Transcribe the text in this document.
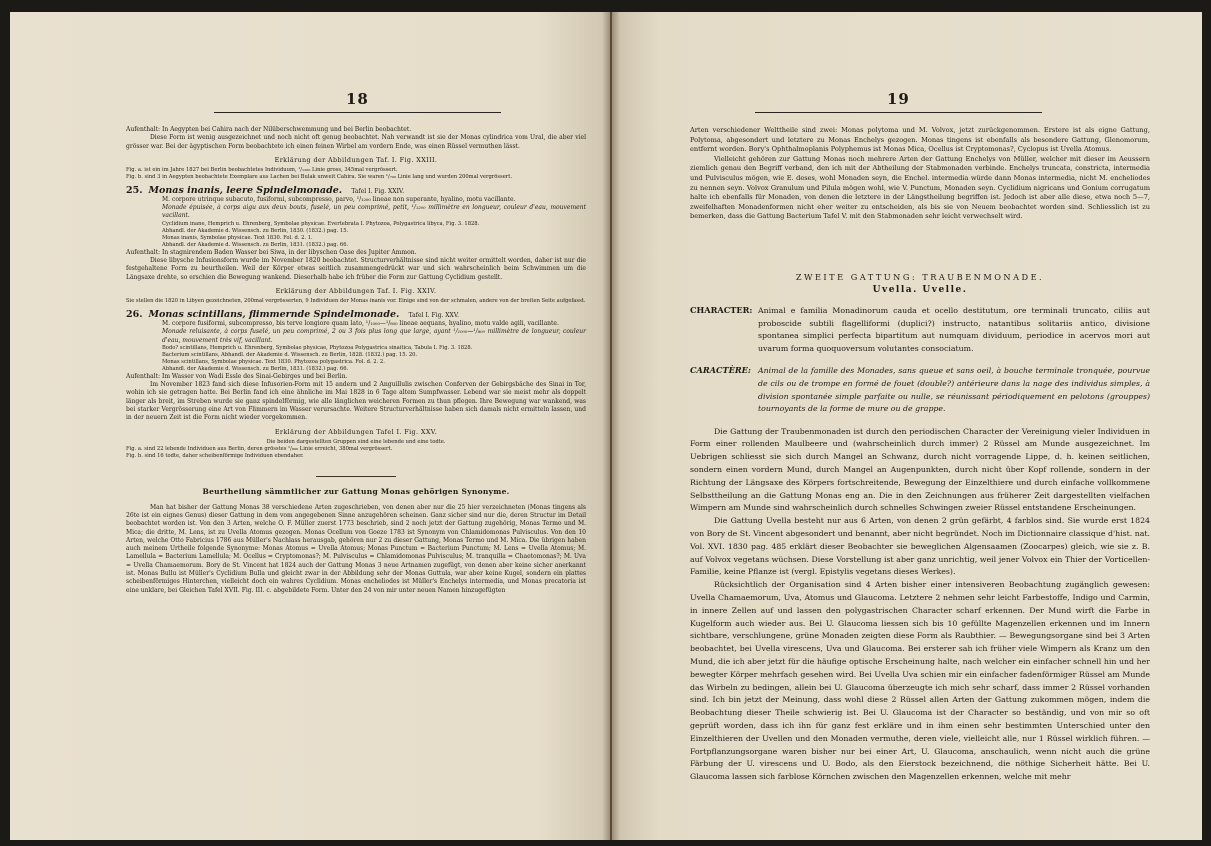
18

Aufenthalt: In Aegypten bei Cahira nach der Nilüberschwemmung und bei Berlin beobachtet.

Diese Form ist wenig ausgezeichnet und noch nicht oft genug beobachtet. Nah verwandt ist sie der Monas cylindrica vom Ural, die aber viel grösser war. Bei der ägyptischen Form beobachtete ich einen feinen Wirbel am vordern Ende, was einen Rüssel vermuthen lässt.

Erklärung der Abbildungen Taf. I. Fig. XXIII.

Fig. a. ist ein im Jahre 1827 bei Berlin beobachtetes Individuum, ¹/₁₂₀₀ Linie gross, 345mal vergrössert.

Fig. b. sind 3 in Aegypten beobachtete Exemplare aus Lachen bei Bulak unweit Cahira. Sie waren ¹/₇₀₀ Linie lang und wurden 200mal vergrössert.

25. Monas inanis, leere Spindelmonade. Tafel I. Fig. XXIV.

M. corpore utrinque subacuto, fusiformi, subcompresso, parvo, ¹/₁₂₀₀ lineae non superante, hyalino, motu vacillante.

Monade épuisée, à corps aigu aux deux bouts, fuselé, un peu comprimé, petit, ¹/₁₂₀₀ millimètre en longueur, couleur d'eau, mouvement vacillant.

Cyclidium inane, Hemprich u. Ehrenberg, Symbolae physicae. Evertebrata I. Phytozoa, Polygastrica libyca, Fig. 3. 1828.

Abhandl. der Akademie d. Wissensch. zu Berlin, 1830. (1832.) pag. 15.

Monas inanis, Symbolae physicae. Text 1830. Fol. d. 2. 1.

Abhandl. der Akademie d. Wissensch. zu Berlin, 1831. (1832.) pag. 66.

Aufenthalt: In stagnirendem Baden Wasser bei Siwa, in der libyschen Oase des Jupiter Ammon.

Diese libysche Infusionsform wurde im November 1820 beobachtet. Structurverhältnisse sind nicht weiter ermittelt worden, daher ist nur die festgehaltene Form zu beurtheilen. Weil der Körper etwas seitlich zusammengedrückt war und sich wahrscheinlich beim Schwimmen um die Längsaxe drehte, so erschien die Bewegung wankend. Dieserhalb habe ich früher die Form zur Gattung Cyclidium gestellt.

Erklärung der Abbildungen Taf. I. Fig. XXIV.

Sie stellen die 1820 in Libyen gezeichneten, 200mal vergrösserten, 9 Individuen der Monas inanis vor. Einige sind von der schmalen, andere von der breiten Seite aufgefasst.

26. Monas scintillans, flimmernde Spindelmonade. Tafel I. Fig. XXV.

M. corpore fusiformi, subcompresso, bis terve longiore quam lato, ¹/₁₀₀₀—¹/₈₀₀ lineae aequans, hyalino, motu valde agili, vacillante.

Monade reluisante, à corps fuselé, un peu comprimé, 2 ou 3 fois plus long que large, ayant ¹/₁₀₀₀—¹/₈₀₀ millimètre de longueur, couleur d'eau, mouvement très vif, vacillant.

Bodo? scintillans, Hemprich u. Ehrenberg, Symbolae physicae, Phytozoa Polygastrica sinaitica, Tabula I. Fig. 3. 1828.

Bacterium scintillans, Abhandl. der Akademie d. Wissensch. zu Berlin, 1828. (1832.) pag. 15. 20.

Monas scintillans, Symbolae physicae. Text 1830. Phytozoa polygastrica. Fol. d. 2. 2.

Abhandl. der Akademie d. Wissensch. zu Berlin, 1831. (1832.) pag. 66.

Aufenthalt: Im Wasser von Wadi Essle des Sinai-Gebirges und bei Berlin.

Im November 1823 fand sich diese Infusorien-Form mit 15 andern und 2 Anguillulis zwischen Conferven der Gebirgsbäche des Sinai in Tor, wohin ich sie getragen hatte. Bei Berlin fand ich eine ähnliche im Mai 1828 in 6 Tage altem Sumpfwasser. Lebend war sie meist mehr als doppelt länger als breit, im Streben wurde sie ganz spindelförmig, wie alle länglichen weicheren Formen zu thun pflegen. Ihre Bewegung war wankend, was bei starker Vergrösserung eine Art von Flimmern im Wasser verursachte. Weitere Structurverhältnisse haben sich damals nicht ermitteln lassen, und in der neuern Zeit ist die Form nicht wieder vorgekommen.

Erklärung der Abbildungen Tafel I. Fig. XXV.

Die beiden dargestellten Gruppen sind eine lebende und eine todte.

Fig. a. sind 22 lebende Individuen aus Berlin, deren grösstes ¹/₈₀₀ Linie erreicht, 380mal vergrössert.

Fig. b. sind 16 todte, daher scheibenförmige Individuen ebendaher.

Beurtheilung sämmtlicher zur Gattung Monas gehörigen Synonyme.

Man hat bisher der Gattung Monas 38 verschiedene Arten zugeschrieben, von denen aber nur die 25 hier verzeichneten (Monas tingens als 26te ist ein eignes Genus) dieser Gattung in dem vom angegebenen Sinne anzugehören scheinen. Ganz sicher sind nur die, deren Structur im Detail beobachtet worden ist. Von den 3 Arten, welche O. F. Müller zuerst 1773 beschrieb, sind 2 noch jetzt der Gattung zugehörig, Monas Termo und M. Mica; die dritte, M. Lens, ist zu Uvella Atomus gezogen. Monas Ocellum von Goeze 1783 ist Synonym von Chlamidomonas Pulvisculus. Von den 10 Arten, welche Otto Fabricius 1786 aus Müller's Nachlass herausgab, gehören nur 2 zu dieser Gattung, Monas Termo und M. Mica. Die übrigen haben auch meinem Urtheile folgende Synonyme: Monas Atomus = Uvella Atomus; Monas Punctum = Bacterium Punctum; M. Lens = Uvella Atomus; M. Lamellula = Bacterium Lamellula; M. Ocellus = Cryptomonas?; M. Pulvisculus = Chlamidomonas Pulvisculus; M. tranquilla = Chaetomonas?; M. Uva = Uvella Chamaemorum. Bory de St. Vincent hat 1824 auch der Gattung Monas 3 neue Artnamen zugefügt, von denen aber keine sicher anerkannt ist. Monas Bullu ist Müller's Cyclidium Bulla und gleicht zwar in der Abbildung sehr der Monas Guttula, war aber keine Kugel, sondern ein plattes scheibenförmiges Hinterchen, vielleicht doch ein wahres Cyclidium. Monas encheliodes ist Müller's Enchelys intermedia, und Monas precatoria ist eine unklare, bei Gleichen Tafel XVII. Fig. III. c. abgebildete Form. Unter den 24 von mir unter neuen Namen hinzugefügten

19

Arten verschiedener Welttheile sind zwei: Monas polytoma und M. Volvox, jetzt zurückgenommen. Erstere ist als eigne Gattung, Polytoma, abgesondert und letztere zu Monas Enchelys gezogen. Monas tingens ist ebenfalls als besondere Gattung, Glenomorum, entfernt worden. Bory's Ophthalmoplanis Polyphemus ist Monas Mica, Ocellus ist Cryptomonas?, Cyclopus ist Uvella Atomus.

Vielleicht gehören zur Gattung Monas noch mehrere Arten der Gattung Enchelys von Müller, welcher mit dieser im Aeussern ziemlich genau den Begriff verband, den ich mit der Abtheilung der Stabmonaden verbinde. Enchelys truncata, constricta, intermedia und Pulvisculus mögen, wie E. deses, wohl Monaden seyn, die Enchel. intermedia würde dann Monas intermedia, nicht M. encheliodes zu nennen seyn. Volvox Granulum und Pilula mögen wohl, wie V. Punctum, Monaden seyn. Cyclidium nigricans und Gonium corrugatum halte ich ebenfalls für Monaden, von denen die letztere in der Längstheilung begriffen ist. Jedoch ist aber alle diese, etwa noch 5—7, zweifelhaften Monadenformen nicht eher weiter zu entscheiden, als bis sie von Neuem beobachtet worden sind. Schliesslich ist zu bemerken, dass die Gattung Bacterium Tafel V. mit den Stabmonaden sehr leicht verwechselt wird.

ZWEITE GATTUNG: TRAUBENMONADE.
Uvella. Uvelle.
CHARACTER: Animal e familia Monadinorum cauda et ocello destitutum, ore terminali truncato, ciliis aut proboscide subtili flagelliformi (duplici?) instructo, natantibus solitariis antico, divisione spontanea simplici perfecta bipartitum aut numquam dividuum, periodice in acervos mori aut uvarum forma quoquoversum volutantes consociatum.
CARACTÈRE: Animal de la famille des Monades, sans queue et sans oeil, à bouche terminale tronquée, pourvue de cils ou de trompe en formé de fouet (double?) antérieure dans la nage des individus simples, à division spontanée simple parfaite ou nulle, se réunissant périodiquement en pelotons (grouppes) tournoyants de la forme de mure ou de grappe.

Die Gattung der Traubenmonaden ist durch den periodischen Character der Vereinigung vieler Individuen in Form einer rollenden Maulbeere und (wahrscheinlich durch immer) 2 Rüssel am Munde ausgezeichnet. Im Uebrigen schliesst sie sich durch Mangel an Schwanz, durch nicht vorragende Lippe, d. h. keinen seitlichen, sondern einen vordern Mund, durch Mangel an Augenpunkten, durch nicht über Kopf rollende, sondern in der Richtung der Längsaxe des Körpers fortschreitende, Bewegung der Einzelthiere und durch einfache vollkommene Selbsttheilung an die Gattung Monas eng an. Die in den Zeichnungen aus früherer Zeit dargestellten vielfachen Wimpern am Munde sind wahrscheinlich durch schnelles Schwingen zweier Rüssel entstandene Erscheinungen.

Die Gattung Uvella besteht nur aus 6 Arten, von denen 2 grün gefärbt, 4 farblos sind. Sie wurde erst 1824 von Bory de St. Vincent abgesondert und benannt, aber nicht begründet. Noch im Dictionnaire classique d'hist. nat. Vol. XVI. 1830 pag. 485 erklärt dieser Beobachter sie beweglichen Algensaamen (Zoocarpes) gleich, wie sie z. B. auf Volvox vegetans wüchsen. Diese Vorstellung ist aber ganz unrichtig, weil jener Volvox ein Thier der Vorticellen-Familie, keine Pflanze ist (vergl. Epistylis vegetans dieses Werkes).

Rücksichtlich der Organisation sind 4 Arten bisher einer intensiveren Beobachtung zugänglich gewesen: Uvella Chamaemorum, Uva, Atomus und Glaucoma. Letztere 2 nehmen sehr leicht Farbestoffe, Indigo und Carmin, in innere Zellen auf und lassen den polygastrischen Character scharf erkennen. Der Mund wirft die Farbe in Kugelform auch wieder aus. Bei U. Glaucoma liessen sich bis 10 gefüllte Magenzellen erkennen und im Innern sichtbare, verschlungene, grüne Monaden zeigten diese Form als Raubthier. — Bewegungsorgane sind bei 3 Arten beobachtet, bei Uvella virescens, Uva und Glaucoma. Bei ersterer sah ich früher viele Wimpern als Kranz um den Mund, die ich aber jetzt für die häufige optische Erscheinung halte, nach welcher ein einfacher schnell hin und her bewegter Körper mehrfach gesehen wird. Bei Uvella Uva schien mir ein einfacher fadenförmiger Rüssel am Munde das Wirbeln zu bedingen, allein bei U. Glaucoma überzeugte ich mich sehr scharf, dass immer 2 Rüssel vorhanden sind. Ich bin jetzt der Meinung, dass wohl diese 2 Rüssel allen Arten der Gattung zukommen mögen, indem die Beobachtung dieser Theile schwierig ist. Bei U. Glaucoma ist der Character so beständig, und von mir so oft geprüft worden, dass ich ihn für ganz fest erkläre und in ihm einen sehr bestimmten Unterschied unter den Einzelthieren der Uvellen und den Monaden vermuthe, deren viele, vielleicht alle, nur 1 Rüssel wirklich führen. — Fortpflanzungsorgane waren bisher nur bei einer Art, U. Glaucoma, anschaulich, wenn nicht auch die grüne Färbung der U. virescens und U. Bodo, als den Eierstock bezeichnend, die nöthige Sicherheit hätte. Bei U. Glaucoma lassen sich farblose Körnchen zwischen den Magenzellen erkennen, welche mit mehr
